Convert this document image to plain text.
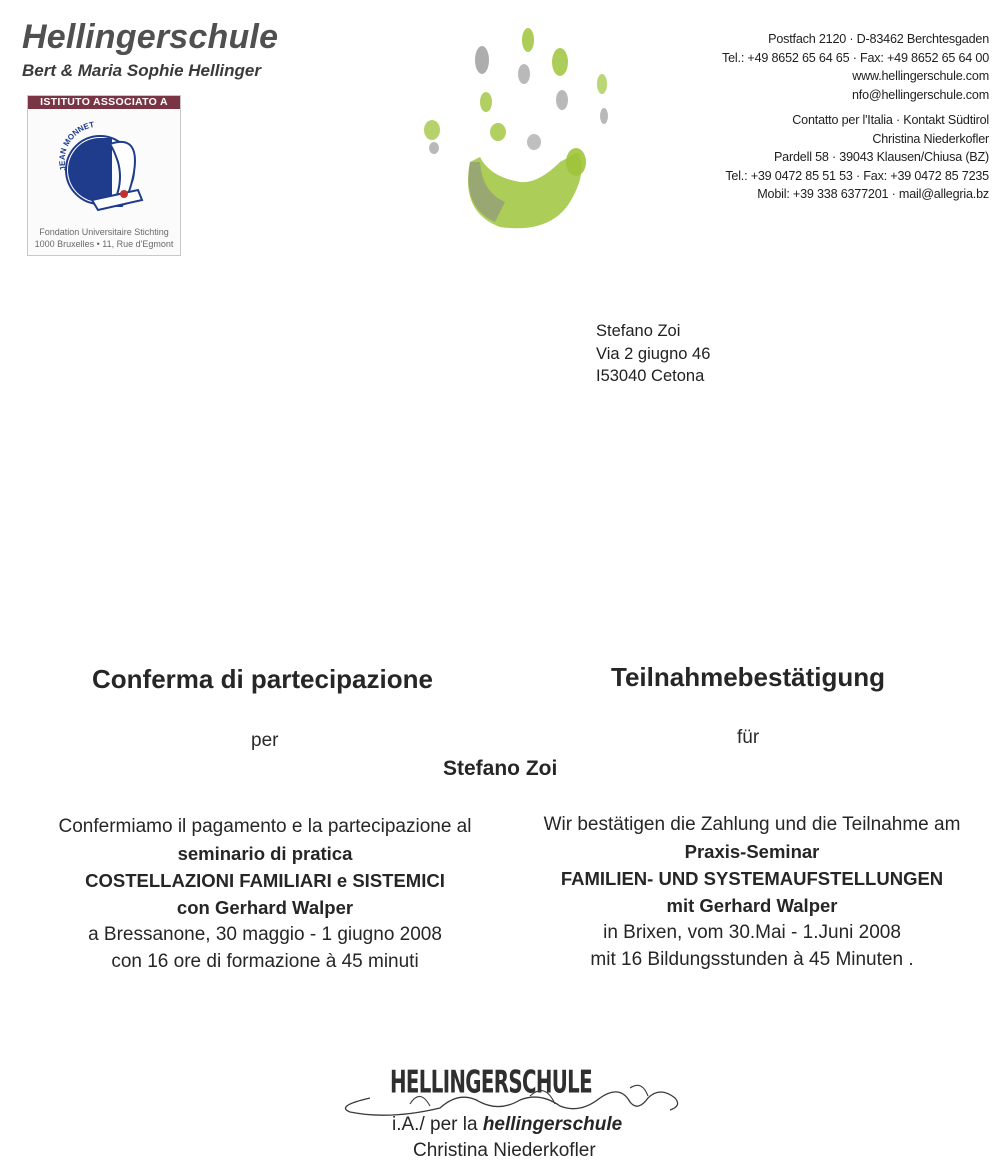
Hellingerschule
Bert & Maria Sophie Hellinger
ISTITUTO ASSOCIATO A
JEAN MONNET
Fondation Universitaire Stichting
1000 Bruxelles • 11, Rue d'Egmont
Postfach 2120 · D-83462 Berchtesgaden
Tel.: +49 8652 65 64 65 · Fax: +49 8652 65 64 00
www.hellingerschule.com
nfo@hellingerschule.com
Contatto per l'Italia · Kontakt Südtirol
Christina Niederkofler
Pardell 58 · 39043 Klausen/Chiusa (BZ)
Tel.: +39 0472 85 51 53 · Fax: +39 0472 85 7235
Mobil: +39 338 6377201 · mail@allegria.bz
Stefano Zoi
Via 2 giugno 46
I53040 Cetona
Conferma di partecipazione	Teilnahmebestätigung
per	für
Stefano Zoi
Confermiamo il pagamento e la partecipazione al
seminario di pratica
COSTELLAZIONI FAMILIARI e SISTEMICI
con Gerhard Walper
a Bressanone, 30 maggio - 1 giugno 2008
con 16 ore di formazione à 45 minuti
Wir bestätigen die Zahlung und die Teilnahme am
Praxis-Seminar
FAMILIEN- UND SYSTEMAUFSTELLUNGEN
mit Gerhard Walper
in Brixen, vom 30.Mai - 1.Juni 2008
mit 16 Bildungsstunden à 45 Minuten .
HELLINGERSCHULE
i.A./ per la hellingerschule
Christina Niederkofler
